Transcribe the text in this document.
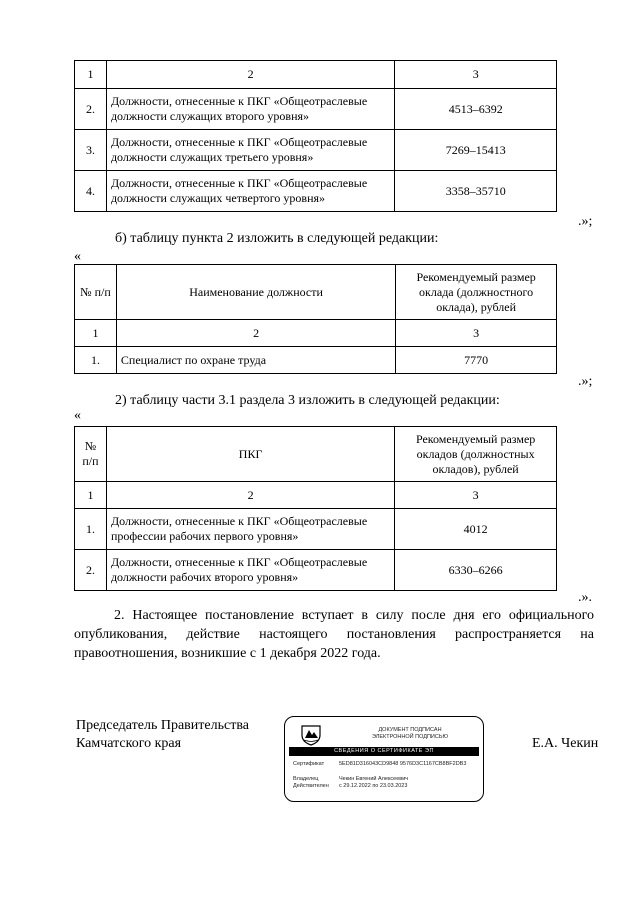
1	2	3
2.	Должности, отнесенные к ПКГ «Общеотраслевые должности служащих второго уровня»	4513–6392
3.	Должности, отнесенные к ПКГ «Общеотраслевые должности служащих третьего уровня»	7269–15413
4.	Должности, отнесенные к ПКГ «Общеотраслевые должности служащих четвертого уровня»	3358–35710
.»;
б) таблицу пункта 2 изложить в следующей редакции:
«
№ п/п	Наименование должности	Рекомендуемый размер оклада (должностного оклада), рублей
1	2	3
1.	Специалист по охране труда	7770
.»;
2) таблицу части 3.1 раздела 3 изложить в следующей редакции:
«
№ п/п	ПКГ	Рекомендуемый размер окладов (должностных окладов), рублей
1	2	3
1.	Должности, отнесенные к ПКГ «Общеотраслевые профессии рабочих первого уровня»	4012
2.	Должности, отнесенные к ПКГ «Общеотраслевые должности рабочих второго уровня»	6330–6266
.».
2. Настоящее постановление вступает в силу после дня его официального опубликования, действие настоящего постановления распространяется на правоотношения, возникшие с 1 декабря 2022 года.
Председатель Правительства
Камчатского края	Е.А. Чекин
ДОКУМЕНТ ПОДПИСАН
ЭЛЕКТРОННОЙ ПОДПИСЬЮ
СВЕДЕНИЯ О СЕРТИФИКАТЕ ЭП
Сертификат	5ED81D316043CD9848 9576D3C1167CB8BF2DB3
Владелец	Чекин Евгений Алексеевич
Действителен с 29.12.2022 по 23.03.2023
